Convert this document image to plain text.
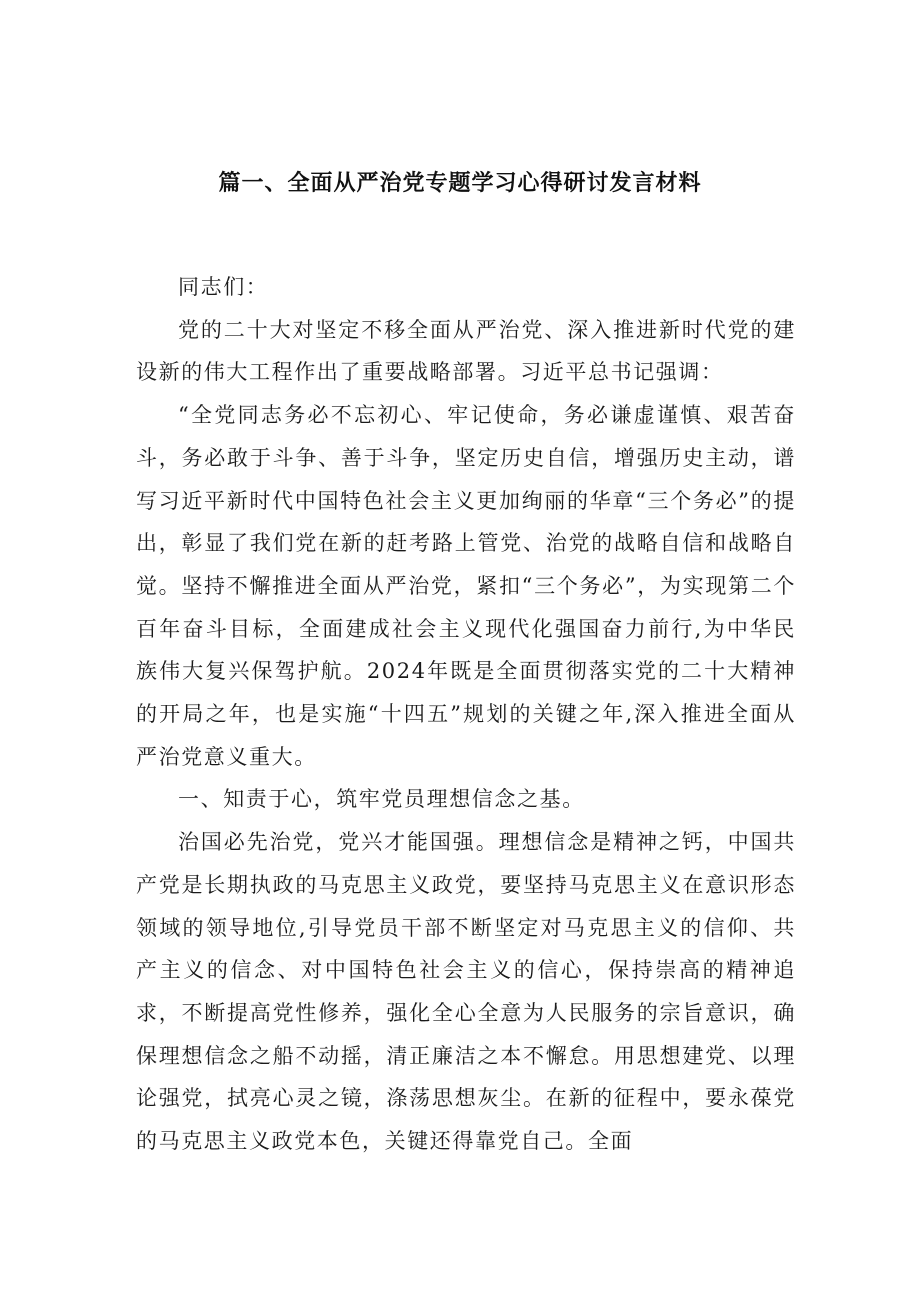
篇一、全面从严治党专题学习心得研讨发言材料

同志们：

党的二十大对坚定不移全面从严治党、深入推进新时代党的建设新的伟大工程作出了重要战略部署。习近平总书记强调：

“全党同志务必不忘初心、牢记使命，务必谦虚谨慎、艰苦奋斗，务必敢于斗争、善于斗争，坚定历史自信，增强历史主动，谱写习近平新时代中国特色社会主义更加绚丽的华章“三个务必”的提出，彰显了我们党在新的赶考路上管党、治党的战略自信和战略自觉。坚持不懈推进全面从严治党，紧扣“三个务必”，为实现第二个百年奋斗目标，全面建成社会主义现代化强国奋力前行,为中华民族伟大复兴保驾护航。2024年既是全面贯彻落实党的二十大精神的开局之年，也是实施“十四五”规划的关键之年,深入推进全面从严治党意义重大。

一、知责于心，筑牢党员理想信念之基。

治国必先治党，党兴才能国强。理想信念是精神之钙，中国共产党是长期执政的马克思主义政党，要坚持马克思主义在意识形态领域的领导地位,引导党员干部不断坚定对马克思主义的信仰、共产主义的信念、对中国特色社会主义的信心，保持崇高的精神追求，不断提高党性修养，强化全心全意为人民服务的宗旨意识，确保理想信念之船不动摇，清正廉洁之本不懈怠。用思想建党、以理论强党，拭亮心灵之镜，涤荡思想灰尘。在新的征程中，要永葆党的马克思主义政党本色，关键还得靠党自己。全面
